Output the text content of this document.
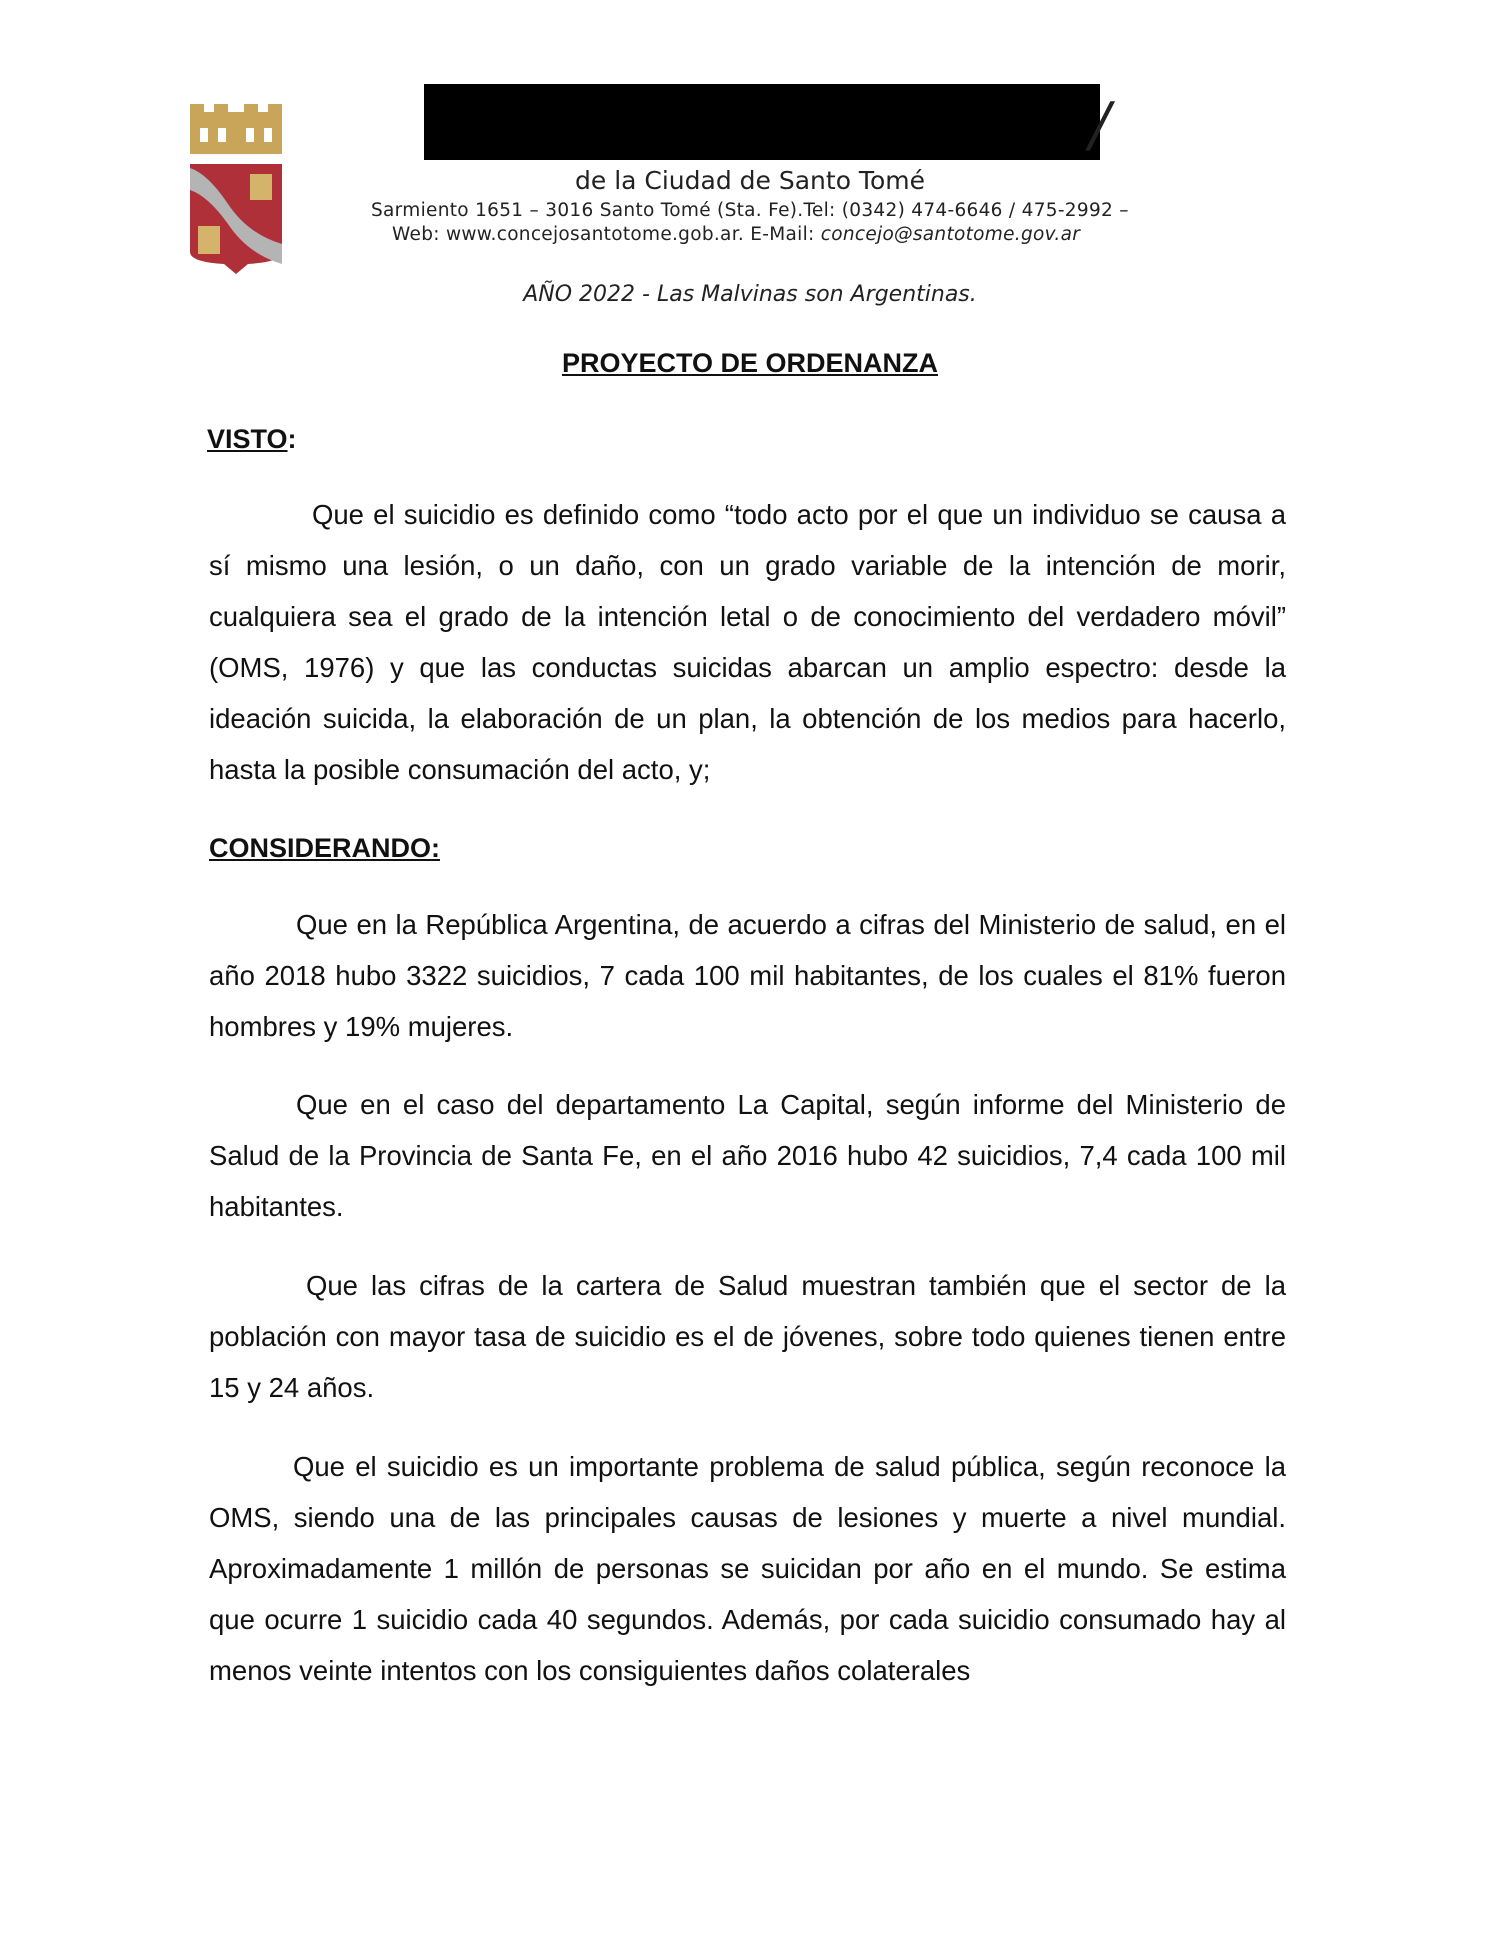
/
de la Ciudad de Santo Tomé
Sarmiento 1651 – 3016 Santo Tomé (Sta. Fe).Tel: (0342) 474-6646 / 475-2992 –
Web: www.concejosantotome.gob.ar. E-Mail: concejo@santotome.gov.ar
AÑO 2022 - Las Malvinas son Argentinas.
PROYECTO DE ORDENANZA
VISTO:
Que el suicidio es definido como “todo acto por el que un individuo se causa a sí mismo una lesión, o un daño, con un grado variable de la intención de morir, cualquiera sea el grado de la intención letal o de conocimiento del verdadero móvil” (OMS, 1976) y que las conductas suicidas abarcan un amplio espectro: desde la ideación suicida, la elaboración de un plan, la obtención de los medios para hacerlo, hasta la posible consumación del acto, y;
CONSIDERANDO:
Que en la República Argentina, de acuerdo a cifras del Ministerio de salud, en el año 2018 hubo 3322 suicidios, 7 cada 100 mil habitantes, de los cuales el 81% fueron hombres y 19% mujeres.
Que en el caso del departamento La Capital, según informe del Ministerio de Salud de la Provincia de Santa Fe, en el año 2016 hubo 42 suicidios, 7,4 cada 100 mil habitantes.
Que las cifras de la cartera de Salud muestran también que el sector de la población con mayor tasa de suicidio es el de jóvenes, sobre todo quienes tienen entre 15 y 24 años.
Que el suicidio es un importante problema de salud pública, según reconoce la OMS, siendo una de las principales causas de lesiones y muerte a nivel mundial. Aproximadamente 1 millón de personas se suicidan por año en el mundo. Se estima que ocurre 1 suicidio cada 40 segundos. Además, por cada suicidio consumado hay al menos veinte intentos con los consiguientes daños colaterales
